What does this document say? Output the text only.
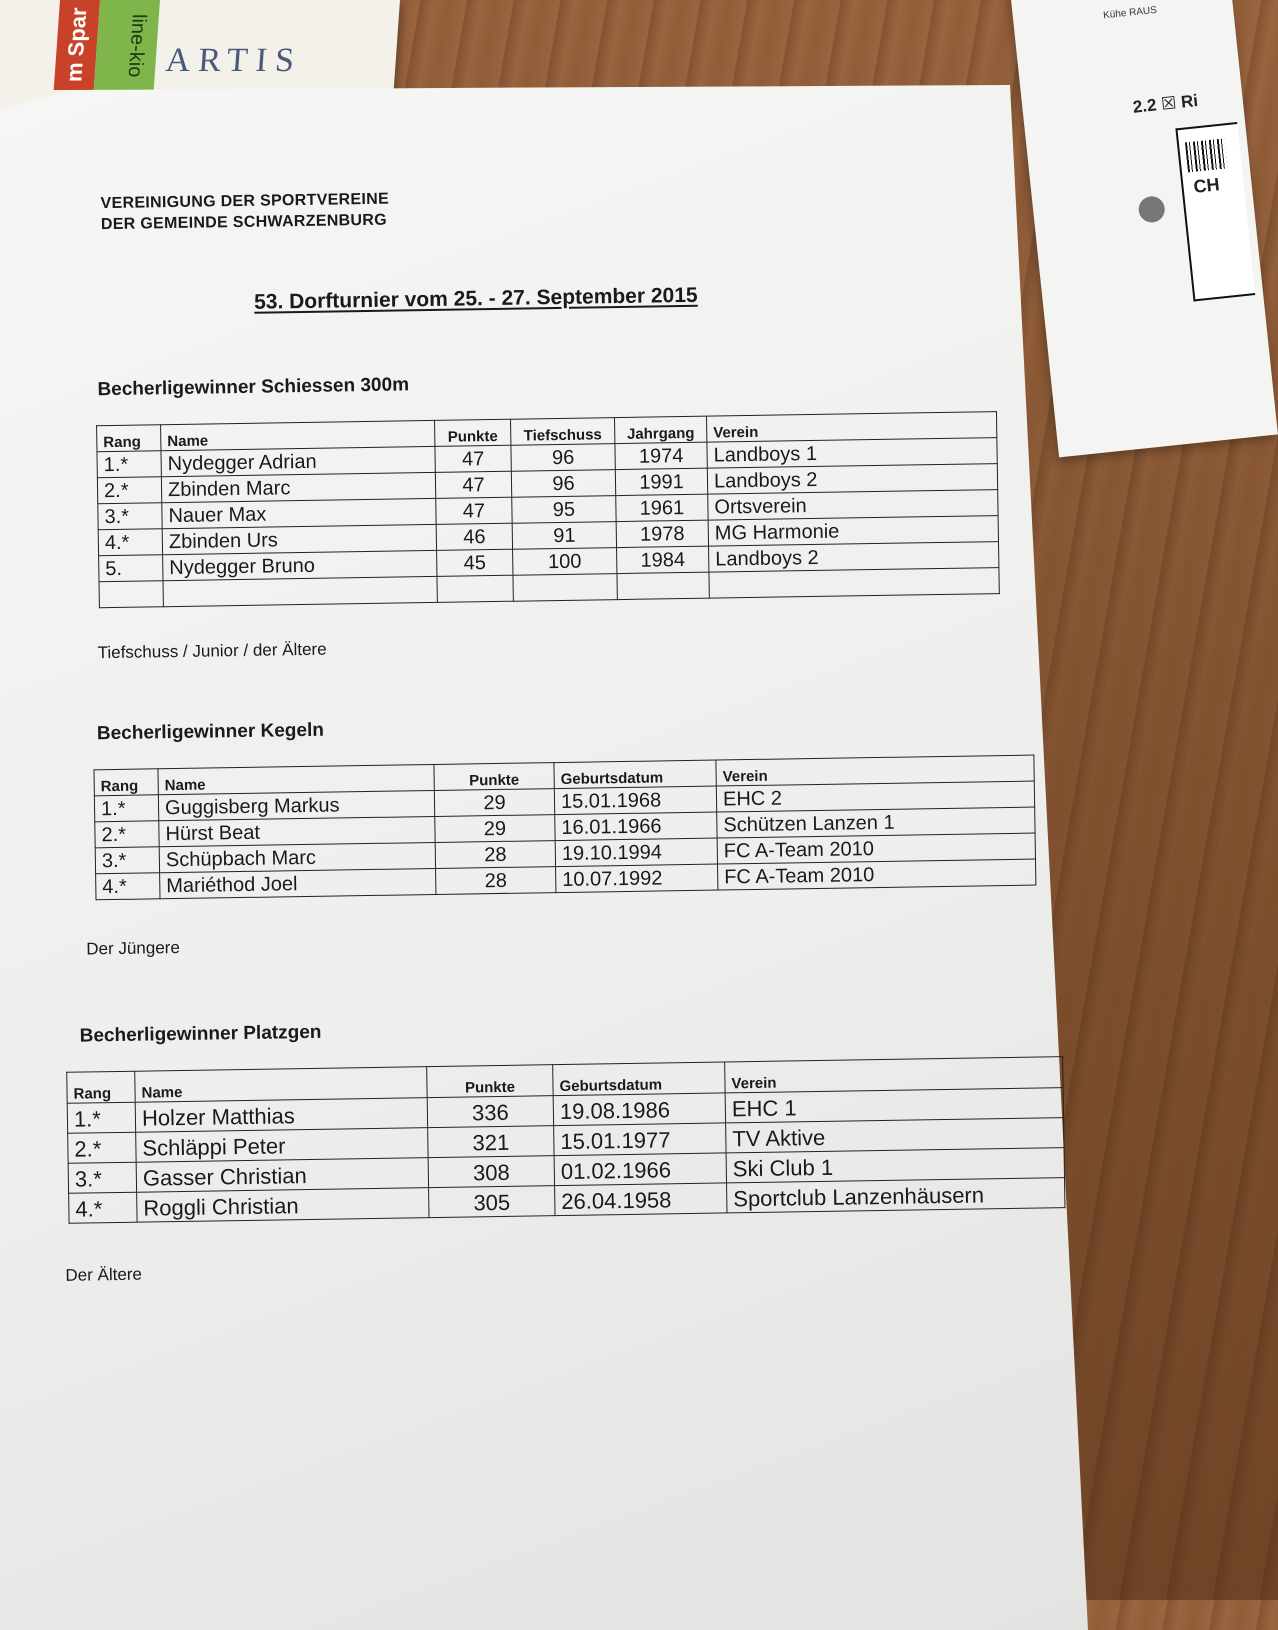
m Spar	line-kio ARTIS
Kühe RAUS
2.2 ☒ Ri
CH
VEREINIGUNG DER SPORTVEREINE
DER GEMEINDE SCHWARZENBURG
53. Dorfturnier vom 25. - 27. September 2015
Becherligewinner Schiessen 300m
Rang	Name	Punkte	Tiefschuss	Jahrgang	Verein
1.*	Nydegger Adrian	47	96	1974	Landboys 1
2.*	Zbinden Marc	47	96	1991	Landboys 2
3.*	Nauer Max	47	95	1961	Ortsverein
4.*	Zbinden Urs	46	91	1978	MG Harmonie
5.	Nydegger Bruno	45	100	1984	Landboys 2

Tiefschuss / Junior / der Ältere
Becherligewinner Kegeln
Rang	Name	Punkte	Geburtsdatum	Verein
1.*	Guggisberg Markus	29	15.01.1968	EHC 2
2.*	Hürst Beat	29	16.01.1966	Schützen Lanzen 1
3.*	Schüpbach Marc	28	19.10.1994	FC A-Team 2010
4.*	Mariéthod Joel	28	10.07.1992	FC A-Team 2010
Der Jüngere
Becherligewinner Platzgen
Rang	Name	Punkte	Geburtsdatum	Verein
1.*	Holzer Matthias	336	19.08.1986	EHC 1
2.*	Schläppi Peter	321	15.01.1977	TV Aktive
3.*	Gasser Christian	308	01.02.1966	Ski Club 1
4.*	Roggli Christian	305	26.04.1958	Sportclub Lanzenhäusern
Der Ältere
